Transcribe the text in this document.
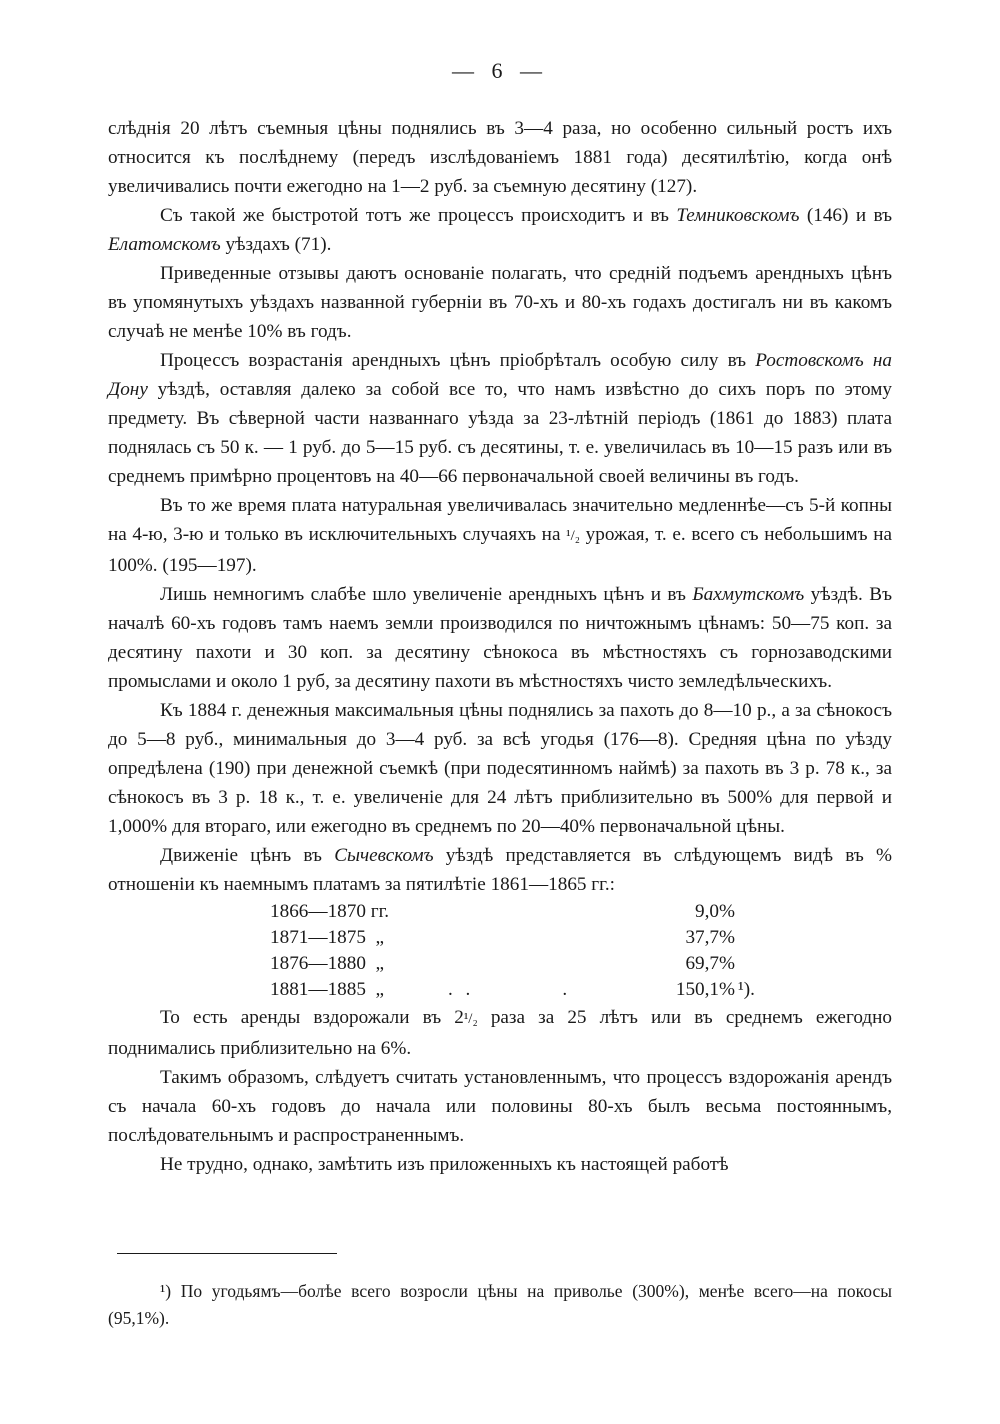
— 6 —

слѣднія 20 лѣтъ съемныя цѣны поднялись въ 3—4 раза, но особенно сильный ростъ ихъ относится къ послѣднему (передъ изслѣдованіемъ 1881 года) десятилѣтію, когда онѣ увеличивались почти ежегодно на 1—2 руб. за съемную десятину (127).

Съ такой же быстротой тотъ же процессъ происходитъ и въ Темниковскомъ (146) и въ Елатомскомъ уѣздахъ (71).

Приведенные отзывы даютъ основаніе полагать, что средній подъемъ арендныхъ цѣнъ въ упомянутыхъ уѣздахъ названной губерніи въ 70-хъ и 80-хъ годахъ достигалъ ни въ какомъ случаѣ не менѣе 10% въ годъ.

Процессъ возрастанія арендныхъ цѣнъ пріобрѣталъ особую силу въ Ростовскомъ на Дону уѣздѣ, оставляя далеко за собой все то, что намъ извѣстно до сихъ поръ по этому предмету. Въ сѣверной части названнаго уѣзда за 23-лѣтній періодъ (1861 до 1883) плата поднялась съ 50 к. — 1 руб. до 5—15 руб. съ десятины, т. е. увеличилась въ 10—15 разъ или въ среднемъ примѣрно процентовъ на 40—66 первоначальной своей величины въ годъ.

Въ то же время плата натуральная увеличивалась значительно медленнѣе—съ 5-й копны на 4-ю, 3-ю и только въ исключительныхъ случаяхъ на ¹/₂ урожая, т. е. всего съ небольшимъ на 100%. (195—197).

Лишь немногимъ слабѣе шло увеличеніе арендныхъ цѣнъ и въ Бахмутскомъ уѣздѣ. Въ началѣ 60-хъ годовъ тамъ наемъ земли производился по ничтожнымъ цѣнамъ: 50—75 коп. за десятину пахоти и 30 коп. за десятину сѣнокоса въ мѣстностяхъ съ горнозаводскими промыслами и около 1 руб, за десятину пахоти въ мѣстностяхъ чисто земледѣльческихъ.

Къ 1884 г. денежныя максимальныя цѣны поднялись за пахоть до 8—10 р., а за сѣнокосъ до 5—8 руб., минимальныя до 3—4 руб. за всѣ угодья (176—8). Средняя цѣна по уѣзду опредѣлена (190) при денежной съемкѣ (при подесятинномъ наймѣ) за пахоть въ 3 р. 78 к., за сѣнокосъ въ 3 р. 18 к., т. е. увеличеніе для 24 лѣтъ приблизительно въ 500% для первой и 1,000% для втораго, или ежегодно въ среднемъ по 20—40% первоначальной цѣны.

Движеніе цѣнъ въ Сычевскомъ уѣздѣ представляется въ слѣдующемъ видѣ въ % отношеніи къ наемнымъ платамъ за пятилѣтіе 1861—1865 гг.:

1866—1870 гг.	9,0%
1871—1875 „	37,7%
1876—1880 „	69,7%
1881—1885 „	. .          .	150,1% ¹).

То есть аренды вздорожали въ 2¹/₂ раза за 25 лѣтъ или въ среднемъ ежегодно поднимались приблизительно на 6%.

Такимъ образомъ, слѣдуетъ считать установленнымъ, что процессъ вздорожанія арендъ съ начала 60-хъ годовъ до начала или половины 80-хъ былъ весьма постояннымъ, послѣдовательнымъ и распространеннымъ.

Не трудно, однако, замѣтить изъ приложенныхъ къ настоящей работѣ

¹) По угодьямъ—болѣе всего возросли цѣны на приволье (300%), менѣе всего—на покосы (95,1%).
